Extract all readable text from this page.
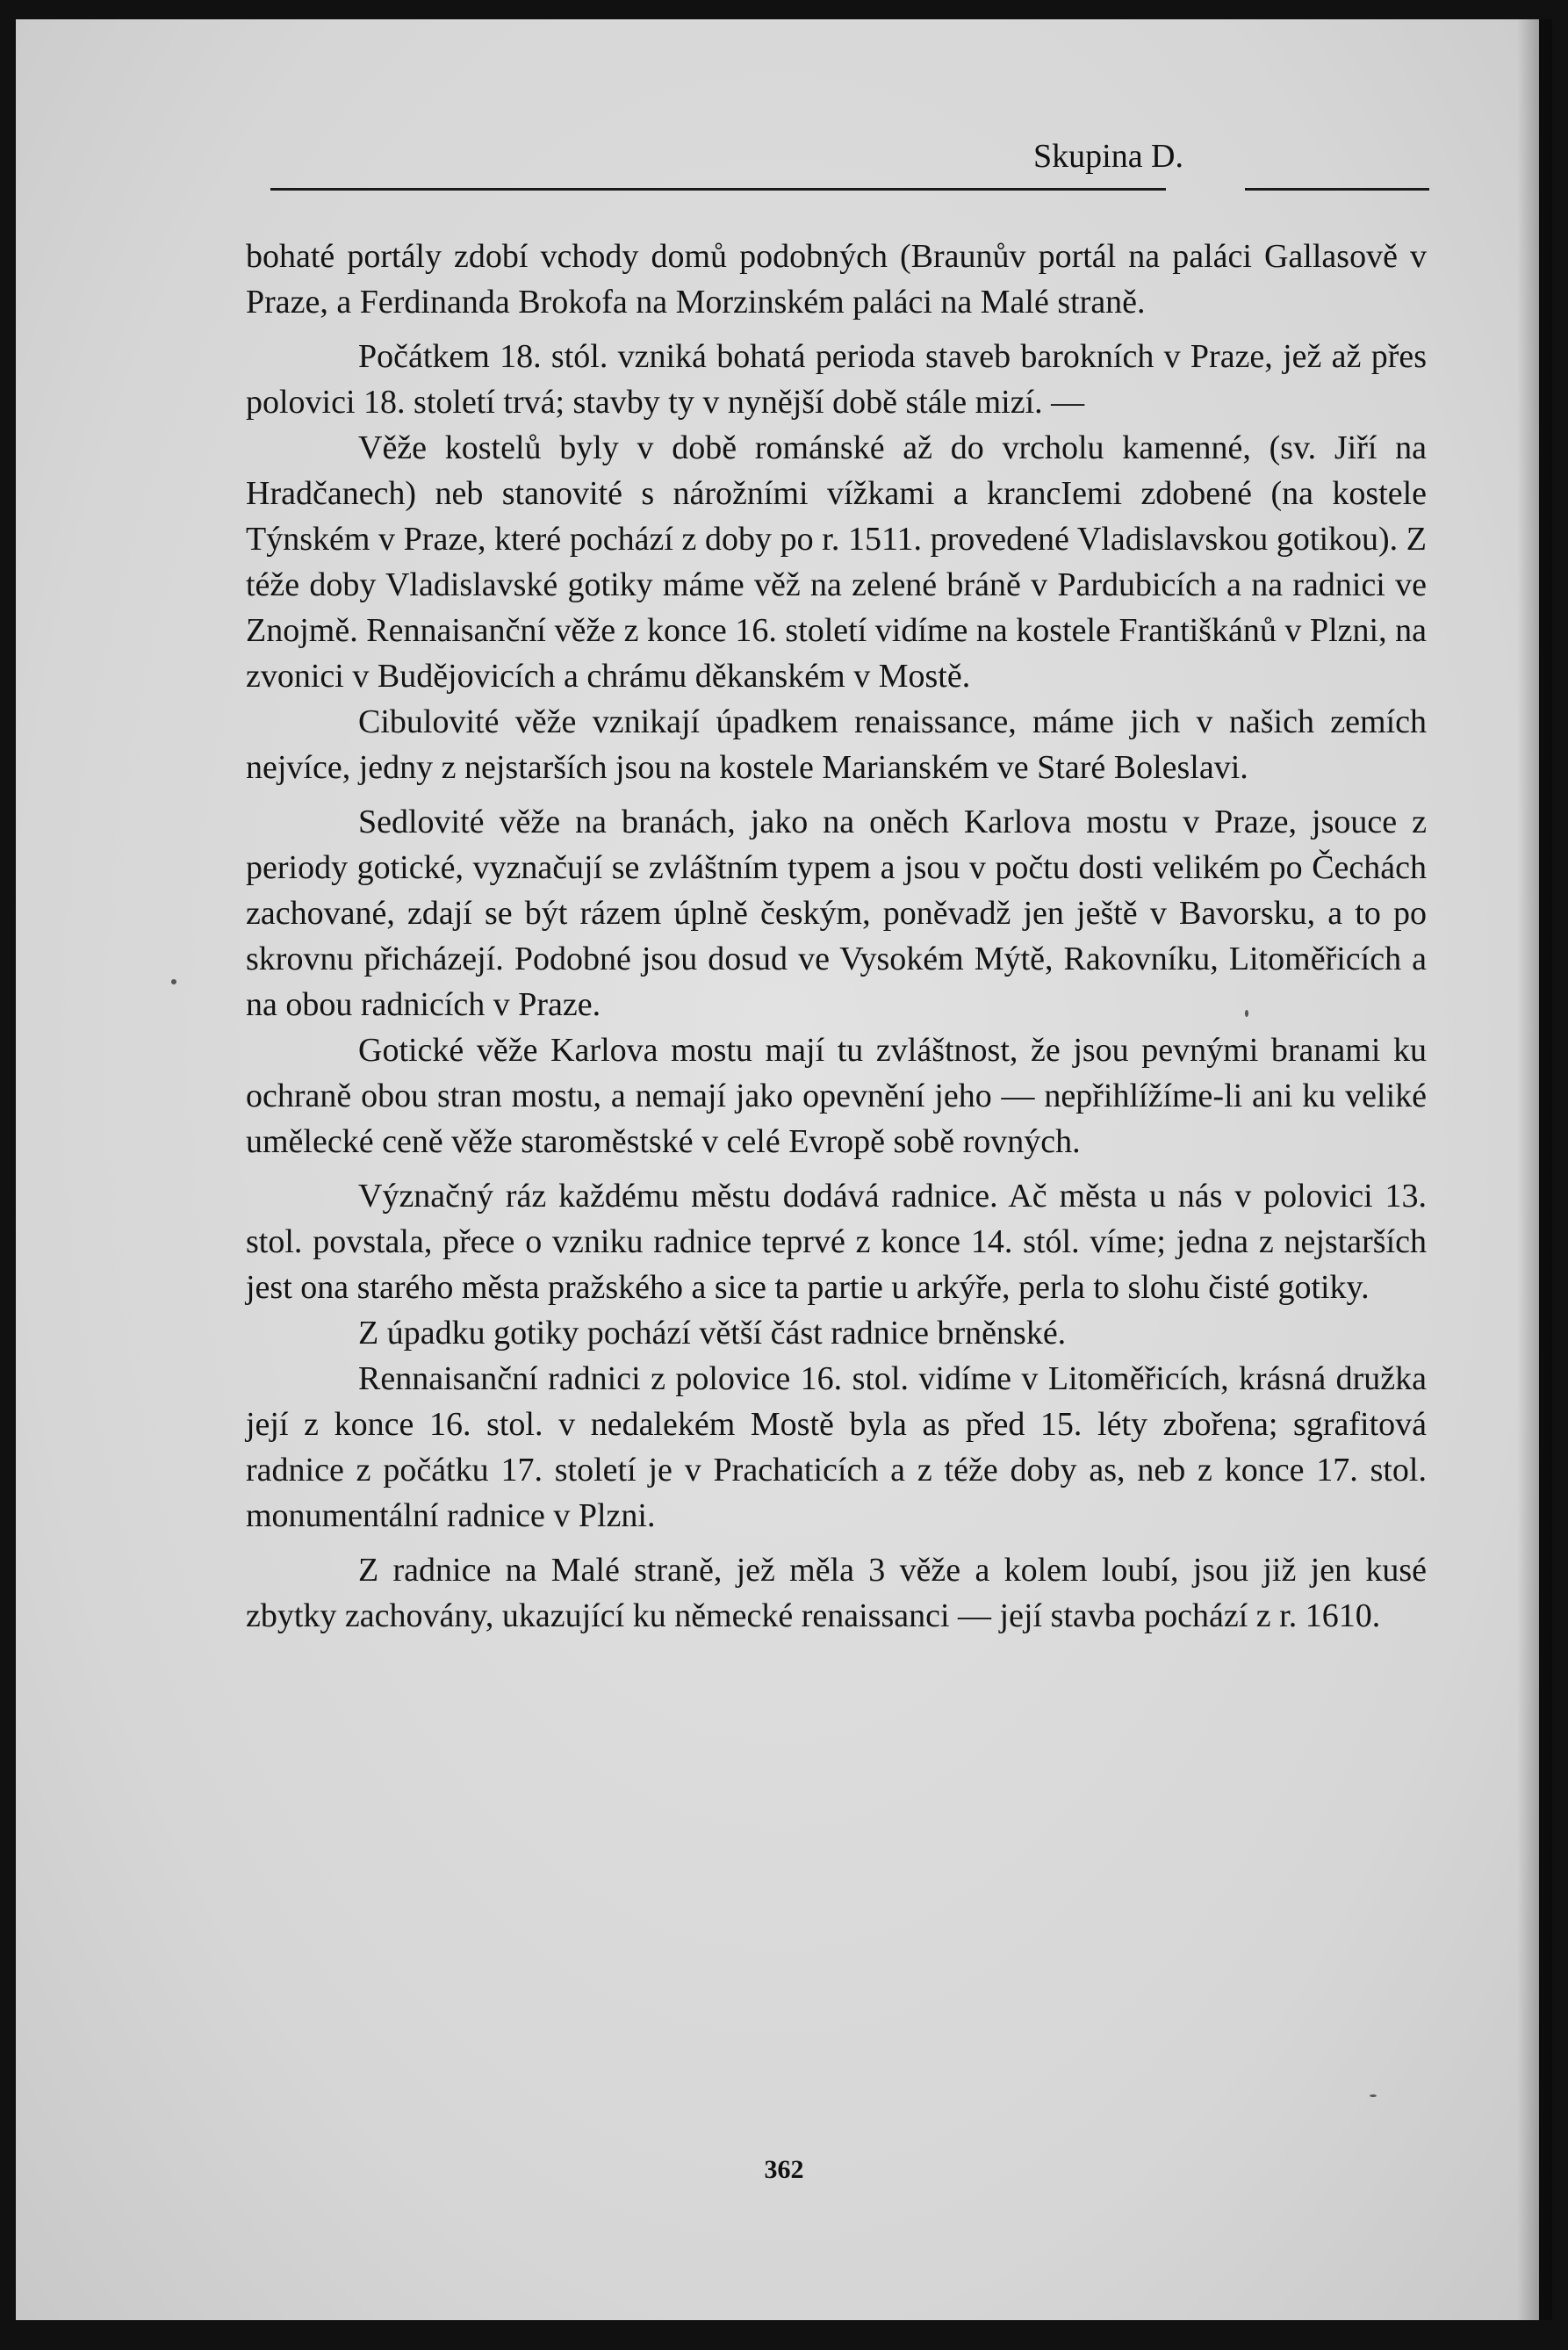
Skupina D.

bohaté portály zdobí vchody domů podobných (Braunův portál na paláci Gallasově v Praze, a Ferdinanda Brokofa na Morzinském paláci na Malé straně.

Počátkem 18. stól. vzniká bohatá perioda staveb barokních v Praze, jež až přes polovici 18. století trvá; stavby ty v nynější době stále mizí. —

Věže kostelů byly v době románské až do vrcholu kamenné, (sv. Jiří na Hradčanech) neb stanovité s nárožními vížkami a krancIemi zdobené (na kostele Týnském v Praze, které pochází z doby po r. 1511. provedené Vladislavskou gotikou). Z téže doby Vladislavské gotiky máme věž na zelené bráně v Pardubicích a na radnici ve Znojmě. Rennaisanční věže z konce 16. století vidíme na kostele Františkánů v Plzni, na zvonici v Budějovicích a chrámu děkanském v Mostě.

Cibulovité věže vznikají úpadkem renaissance, máme jich v našich zemích nejvíce, jedny z nejstarších jsou na kostele Marianském ve Staré Boleslavi.

Sedlovité věže na branách, jako na oněch Karlova mostu v Praze, jsouce z periody gotické, vyznačují se zvláštním typem a jsou v počtu dosti velikém po Čechách zachované, zdají se být rázem úplně českým, poněvadž jen ještě v Bavorsku, a to po skrovnu přicházejí. Podobné jsou dosud ve Vysokém Mýtě, Rakovníku, Litoměřicích a na obou radnicích v Praze.

Gotické věže Karlova mostu mají tu zvláštnost, že jsou pevnými branami ku ochraně obou stran mostu, a nemají jako opevnění jeho — nepřihlížíme-li ani ku veliké umělecké ceně věže staroměstské v celé Evropě sobě rovných.

Význačný ráz každému městu dodává radnice. Ač města u nás v polovici 13. stol. povstala, přece o vzniku radnice teprvé z konce 14. stól. víme; jedna z nejstarších jest ona starého města pražského a sice ta partie u arkýře, perla to slohu čisté gotiky.

Z úpadku gotiky pochází větší část radnice brněnské.

Rennaisanční radnici z polovice 16. stol. vidíme v Litoměřicích, krásná družka její z konce 16. stol. v nedalekém Mostě byla as před 15. léty zbořena; sgrafitová radnice z počátku 17. století je v Prachaticích a z téže doby as, neb z konce 17. stol. monumentální radnice v Plzni.

Z radnice na Malé straně, jež měla 3 věže a kolem loubí, jsou již jen kusé zbytky zachovány, ukazující ku německé renaissanci — její stavba pochází z r. 1610.

362
